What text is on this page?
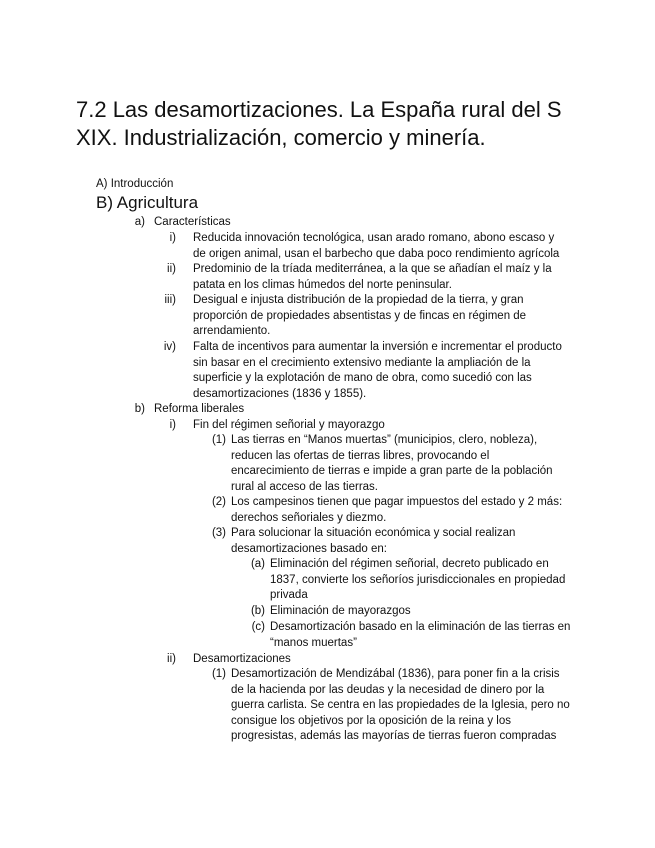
7.2 Las desamortizaciones. La España rural del S XIX. Industrialización, comercio y minería.
A) Introducción
B) Agricultura
a) Características
i) Reducida innovación tecnológica, usan arado romano, abono escaso y
de origen animal, usan el barbecho que daba poco rendimiento agrícola
ii) Predominio de la tríada mediterránea, a la que se añadían el maíz y la
patata en los climas húmedos del norte peninsular.
iii) Desigual e injusta distribución de la propiedad de la tierra, y gran
proporción de propiedades absentistas y de fincas en régimen de
arrendamiento.
iv) Falta de incentivos para aumentar la inversión e incrementar el producto
sin basar en el crecimiento extensivo mediante la ampliación de la
superficie y la explotación de mano de obra, como sucedió con las
desamortizaciones (1836 y 1855).
b) Reforma liberales
i) Fin del régimen señorial y mayorazgo
(1) Las tierras en “Manos muertas” (municipios, clero, nobleza),
reducen las ofertas de tierras libres, provocando el
encarecimiento de tierras e impide a gran parte de la población
rural al acceso de las tierras.
(2) Los campesinos tienen que pagar impuestos del estado y 2 más:
derechos señoriales y diezmo.
(3) Para solucionar la situación económica y social realizan
desamortizaciones basado en:
(a) Eliminación del régimen señorial, decreto publicado en
1837, convierte los señoríos jurisdiccionales en propiedad
privada
(b) Eliminación de mayorazgos
(c) Desamortización basado en la eliminación de las tierras en
“manos muertas”
ii) Desamortizaciones
(1) Desamortización de Mendizábal (1836), para poner fin a la crisis
de la hacienda por las deudas y la necesidad de dinero por la
guerra carlista. Se centra en las propiedades de la Iglesia, pero no
consigue los objetivos por la oposición de la reina y los
progresistas, además las mayorías de tierras fueron compradas
